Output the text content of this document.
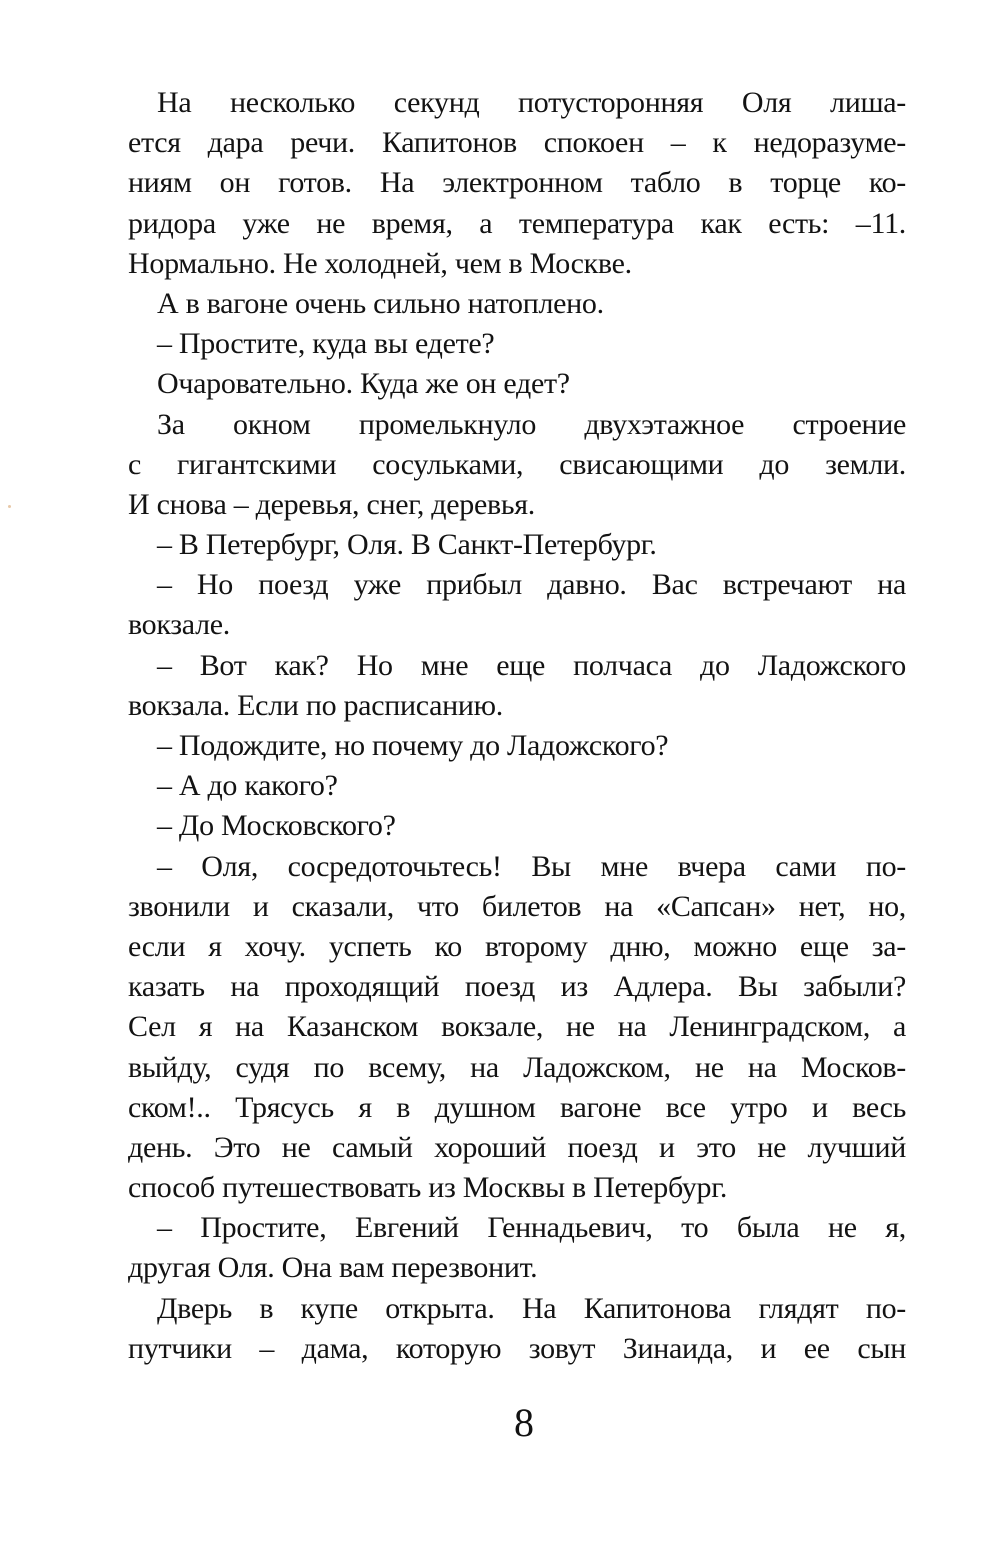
На несколько секунд потусторонняя Оля лиша-
ется дара речи. Капитонов спокоен – к недоразуме-
ниям он готов. На электронном табло в торце ко-
ридора уже не время, а температура как есть: –11.
Нормально. Не холодней, чем в Москве.
А в вагоне очень сильно натоплено.
– Простите, куда вы едете?
Очаровательно. Куда же он едет?
За окном промелькнуло двухэтажное строение
с гигантскими сосульками, свисающими до земли.
И снова – деревья, снег, деревья.
– В Петербург, Оля. В Санкт-Петербург.
– Но поезд уже прибыл давно. Вас встречают на
вокзале.
– Вот как? Но мне еще полчаса до Ладожского
вокзала. Если по расписанию.
– Подождите, но почему до Ладожского?
– А до какого?
– До Московского?
– Оля, сосредоточьтесь! Вы мне вчера сами по-
звонили и сказали, что билетов на «Сапсан» нет, но,
если я хочу. успеть ко второму дню, можно еще за-
казать на проходящий поезд из Адлера. Вы забыли?
Сел я на Казанском вокзале, не на Ленинградском, а
выйду, судя по всему, на Ладожском, не на Москов-
ском!.. Трясусь я в душном вагоне все утро и весь
день. Это не самый хороший поезд и это не лучший
способ путешествовать из Москвы в Петербург.
– Простите, Евгений Геннадьевич, то была не я,
другая Оля. Она вам перезвонит.
Дверь в купе открыта. На Капитонова глядят по-
путчики – дама, которую зовут Зинаида, и ее сын
8
